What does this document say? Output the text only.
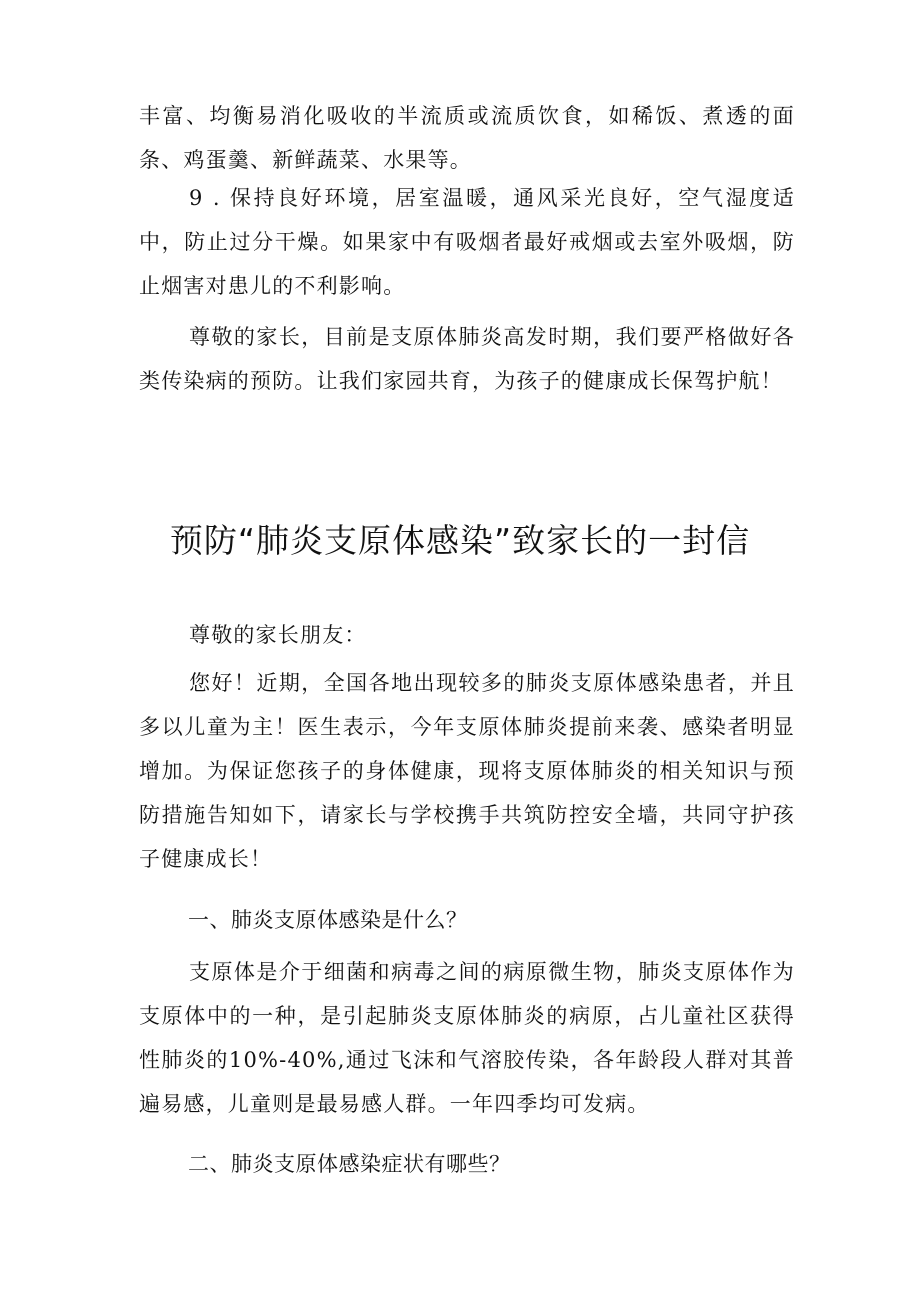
丰富、均衡易消化吸收的半流质或流质饮食，如稀饭、煮透的面条、鸡蛋羹、新鲜蔬菜、水果等。

9 . 保持良好环境，居室温暖，通风采光良好，空气湿度适中，防止过分干燥。如果家中有吸烟者最好戒烟或去室外吸烟，防止烟害对患儿的不利影响。

尊敬的家长，目前是支原体肺炎高发时期，我们要严格做好各类传染病的预防。让我们家园共育，为孩子的健康成长保驾护航！

预防“肺炎支原体感染”致家长的一封信

尊敬的家长朋友：

您好！近期，全国各地出现较多的肺炎支原体感染患者，并且多以儿童为主！医生表示，今年支原体肺炎提前来袭、感染者明显增加。为保证您孩子的身体健康，现将支原体肺炎的相关知识与预防措施告知如下，请家长与学校携手共筑防控安全墙，共同守护孩子健康成长！

一、肺炎支原体感染是什么？

支原体是介于细菌和病毒之间的病原微生物，肺炎支原体作为支原体中的一种，是引起肺炎支原体肺炎的病原，占儿童社区获得性肺炎的10%-40%,通过飞沫和气溶胶传染，各年龄段人群对其普遍易感，儿童则是最易感人群。一年四季均可发病。

二、肺炎支原体感染症状有哪些？
